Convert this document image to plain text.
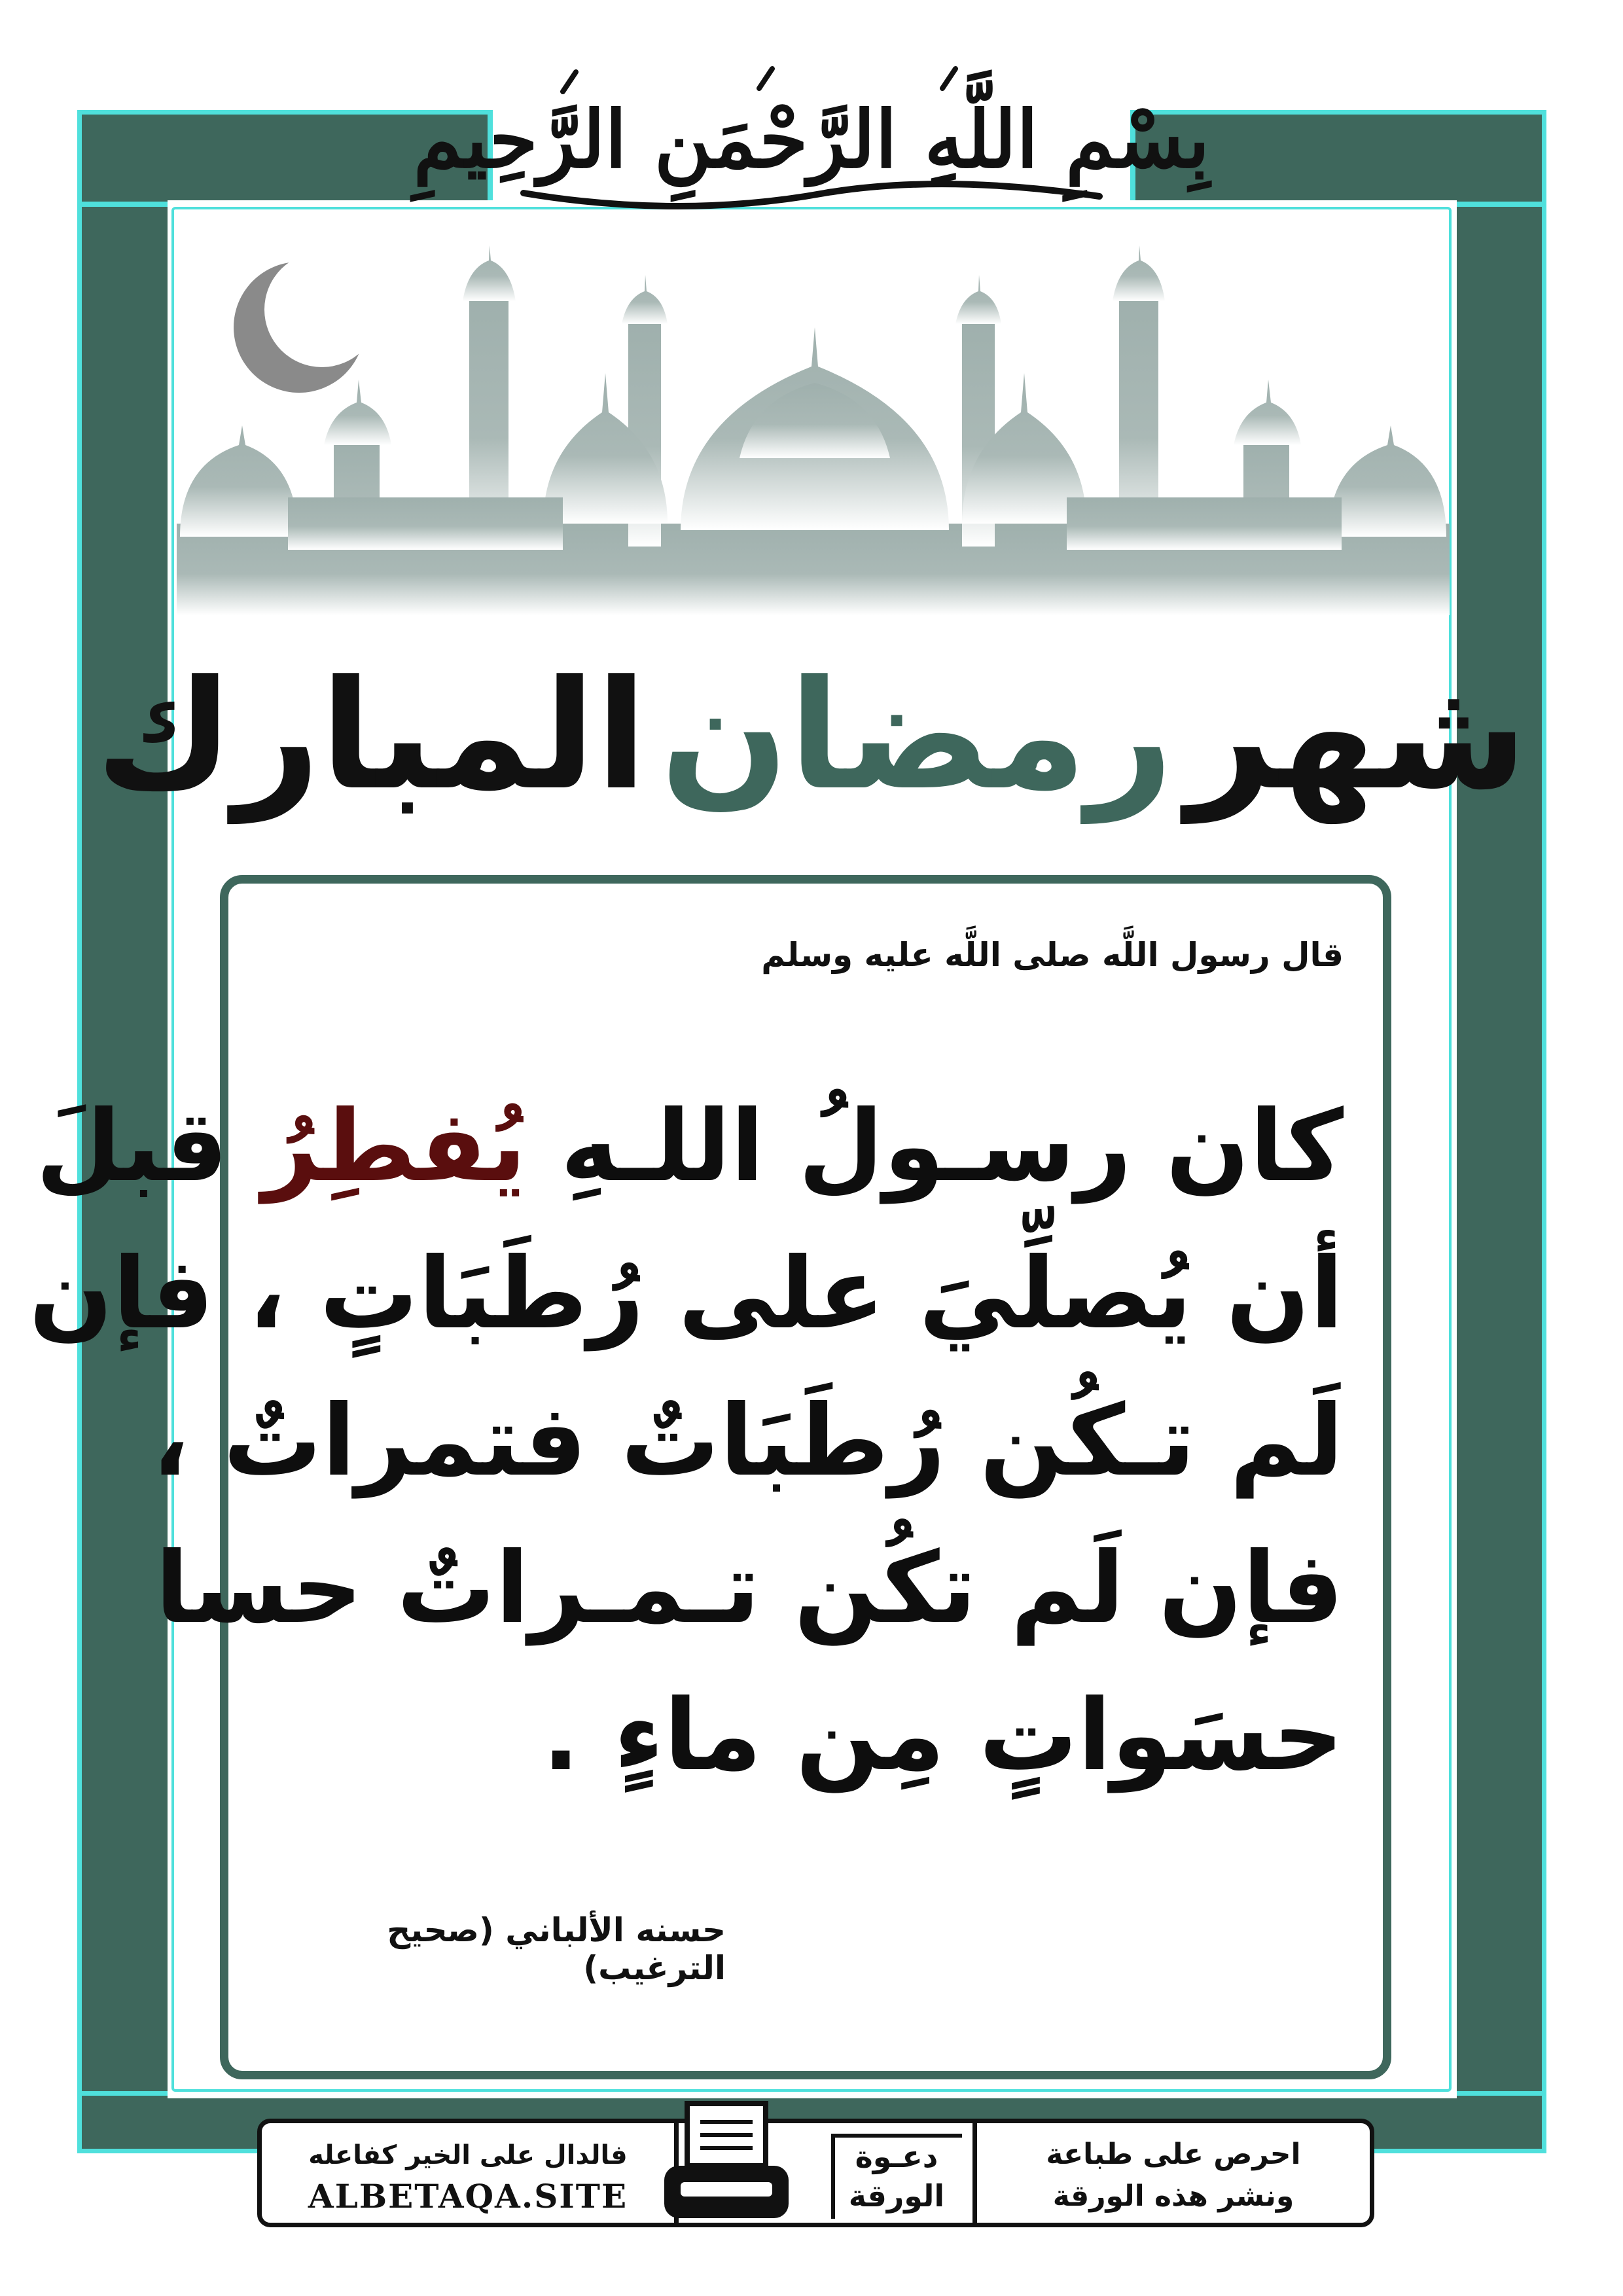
بِسْمِ اللَّهِ الرَّحْمَنِ الرَّحِيمِ
شهر
رمضان
المبارك
قال رسول اللَّه صلى اللَّه عليه وسلم
كان رسـولُ اللـهِ يُفطِرُ قبلَ
أن يُصلِّيَ على رُطَبَاتٍ ، فإن
لَم تـكُن رُطَبَاتٌ فتمراتٌ ،
فإن لَم تكُن تـمـراتٌ حسا
حسَواتٍ مِن ماءٍ .
حسنه الألباني (صحيح الترغيب)
فالدال على الخير كفاعله
ALBETAQA.SITE
دعـوة
الورقة
احرص على طباعة
ونشر هذه الورقة
